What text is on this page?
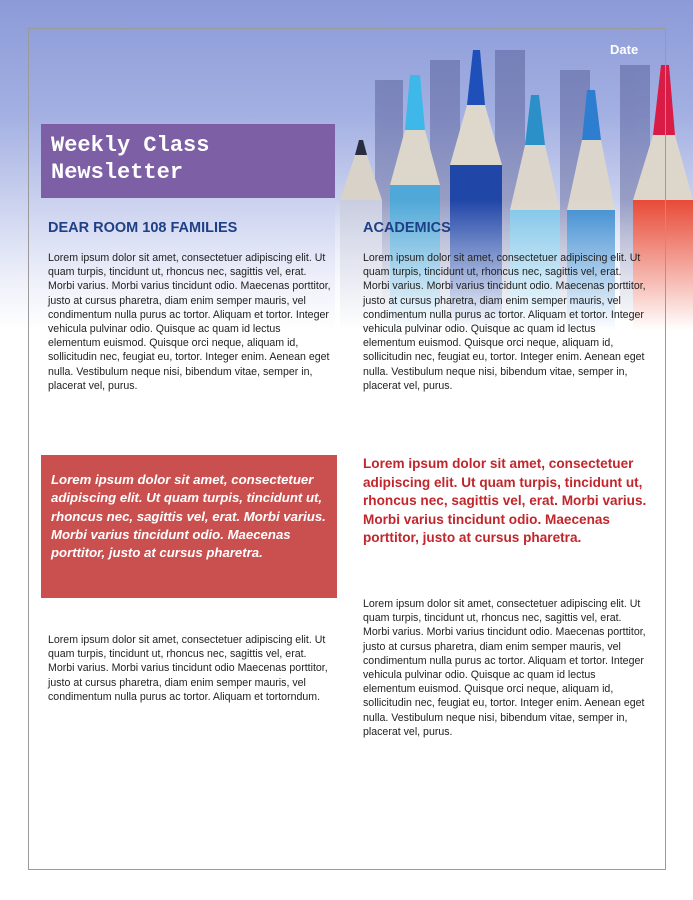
Date
Weekly Class
Newsletter
DEAR ROOM 108 FAMILIES

Lorem ipsum dolor sit amet, consectetuer adipiscing elit. Ut quam turpis, tincidunt ut, rhoncus nec, sagittis vel, erat. Morbi varius. Morbi varius tincidunt odio. Maecenas porttitor, justo at cursus pharetra, diam enim semper mauris, vel condimentum nulla purus ac tortor. Aliquam et tortor. Integer vehicula pulvinar odio. Quisque ac quam id lectus elementum euismod. Quisque orci neque, aliquam id, sollicitudin nec, feugiat eu, tortor. Integer enim. Aenean eget nulla. Vestibulum neque nisi, bibendum vitae, semper in, placerat vel, purus.

Lorem ipsum dolor sit amet, consectetuer adipiscing elit. Ut quam turpis, tincidunt ut, rhoncus nec, sagittis vel, erat. Morbi varius. Morbi varius tincidunt odio. Maecenas porttitor, justo at cursus pharetra.

Lorem ipsum dolor sit amet, consectetuer adipiscing elit. Ut quam turpis, tincidunt ut, rhoncus nec, sagittis vel, erat. Morbi varius. Morbi varius tincidunt odio Maecenas porttitor, justo at cursus pharetra, diam enim semper mauris, vel condimentum nulla purus ac tortor. Aliquam et tortorndum.

ACADEMICS

Lorem ipsum dolor sit amet, consectetuer adipiscing elit. Ut quam turpis, tincidunt ut, rhoncus nec, sagittis vel, erat. Morbi varius. Morbi varius tincidunt odio. Maecenas porttitor, justo at cursus pharetra, diam enim semper mauris, vel condimentum nulla purus ac tortor. Aliquam et tortor. Integer vehicula pulvinar odio. Quisque ac quam id lectus elementum euismod. Quisque orci neque, aliquam id, sollicitudin nec, feugiat eu, tortor. Integer enim. Aenean eget nulla. Vestibulum neque nisi, bibendum vitae, semper in, placerat vel, purus.

Lorem ipsum dolor sit amet, consectetuer adipiscing elit. Ut quam turpis, tincidunt ut, rhoncus nec, sagittis vel, erat. Morbi varius. Morbi varius tincidunt odio. Maecenas porttitor, justo at cursus pharetra.

Lorem ipsum dolor sit amet, consectetuer adipiscing elit. Ut quam turpis, tincidunt ut, rhoncus nec, sagittis vel, erat. Morbi varius. Morbi varius tincidunt odio. Maecenas porttitor, justo at cursus pharetra, diam enim semper mauris, vel condimentum nulla purus ac tortor. Aliquam et tortor. Integer vehicula pulvinar odio. Quisque ac quam id lectus elementum euismod. Quisque orci neque, aliquam id, sollicitudin nec, feugiat eu, tortor. Integer enim. Aenean eget nulla. Vestibulum neque nisi, bibendum vitae, semper in, placerat vel, purus.
